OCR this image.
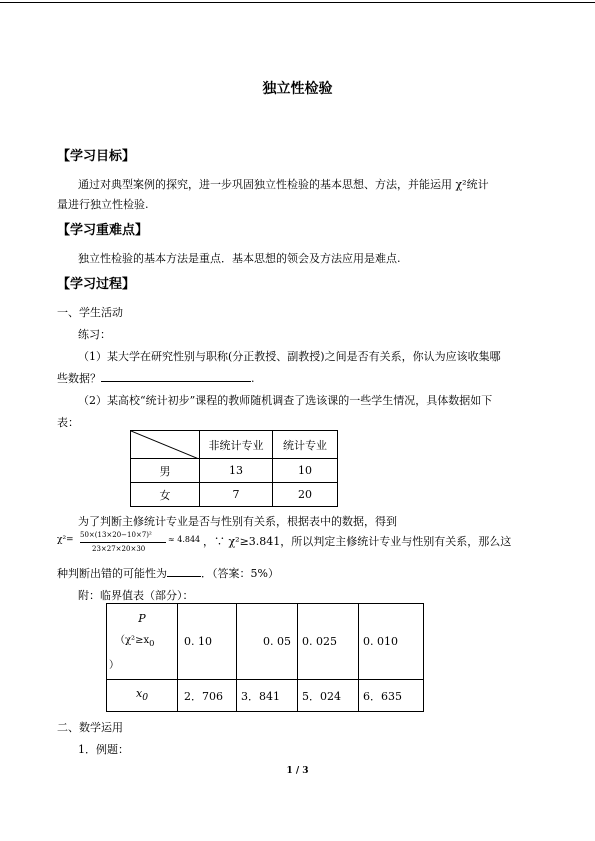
独立性检验
【学习目标】
通过对典型案例的探究，进一步巩固独立性检验的基本思想、方法，并能运用 χ²统计
量进行独立性检验.
【学习重难点】
独立性检验的基本方法是重点．基本思想的领会及方法应用是难点.
【学习过程】
一、学生活动
练习：
（1）某大学在研究性别与职称(分正教授、副教授)之间是否有关系，你认为应该收集哪
些数据？	.
（2）某高校“统计初步”课程的教师随机调查了选该课的一些学生情况，具体数据如下
表：
	非统计专业	统计专业
男	13	10
女	7	20
为了判断主修统计专业是否与性别有关系，根据表中的数据，得到
χ²= 50×(13×20−10×7)²
23×27×20×30
≈ 4.844 ，∵ χ²≥3.841，所以判定主修统计专业与性别有关系，那么这
种判断出错的可能性为	．（答案：5%）
附：临界值表（部分）：
P
（$\chi^2\ge x_0$
）	0. 10	0. 05	0. 025	0. 010
$x_0$	2．706	3．841	5．024	6．635
二、数学运用
1．例题：
1 / 3
